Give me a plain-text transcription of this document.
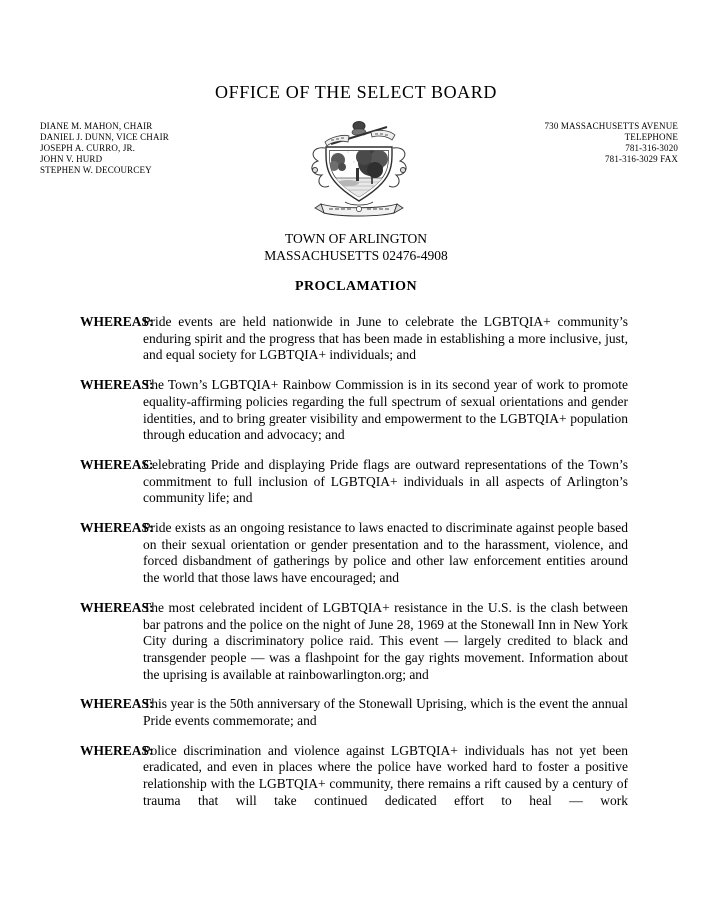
OFFICE OF THE SELECT BOARD
DIANE M. MAHON, CHAIR
DANIEL J. DUNN, VICE CHAIR
JOSEPH A. CURRO, JR.
JOHN V. HURD
STEPHEN W. DECOURCEY
730 MASSACHUSETTS AVENUE
TELEPHONE
781-316-3020
781-316-3029 FAX
TOWN OF ARLINGTON
MASSACHUSETTS 02476-4908
PROCLAMATION
WHEREAS:
Pride events are held nationwide in June to celebrate the LGBTQIA+ community’s enduring spirit and the progress that has been made in establishing a more inclusive, just, and equal society for LGBTQIA+ individuals; and
WHEREAS:
The Town’s LGBTQIA+ Rainbow Commission is in its second year of work to promote equality-affirming policies regarding the full spectrum of sexual orientations and gender identities, and to bring greater visibility and empowerment to the LGBTQIA+ population through education and advocacy; and
WHEREAS:
Celebrating Pride and displaying Pride flags are outward representations of the Town’s commitment to full inclusion of LGBTQIA+ individuals in all aspects of Arlington’s community life; and
WHEREAS:
Pride exists as an ongoing resistance to laws enacted to discriminate against people based on their sexual orientation or gender presentation and to the harassment, violence, and forced disbandment of gatherings by police and other law enforcement entities around the world that those laws have encouraged; and
WHEREAS:
The most celebrated incident of LGBTQIA+ resistance in the U.S. is the clash between bar patrons and the police on the night of June 28, 1969 at the Stonewall Inn in New York City during a discriminatory police raid. This event — largely credited to black and transgender people — was a flashpoint for the gay rights movement. Information about the uprising is available at rainbowarlington.org; and
WHEREAS:
This year is the 50th anniversary of the Stonewall Uprising, which is the event the annual Pride events commemorate; and
WHEREAS:
Police discrimination and violence against LGBTQIA+ individuals has not yet been eradicated, and even in places where the police have worked hard to foster a positive relationship with the LGBTQIA+ community, there remains a rift caused by a century of trauma that will take continued dedicated effort to heal — work
